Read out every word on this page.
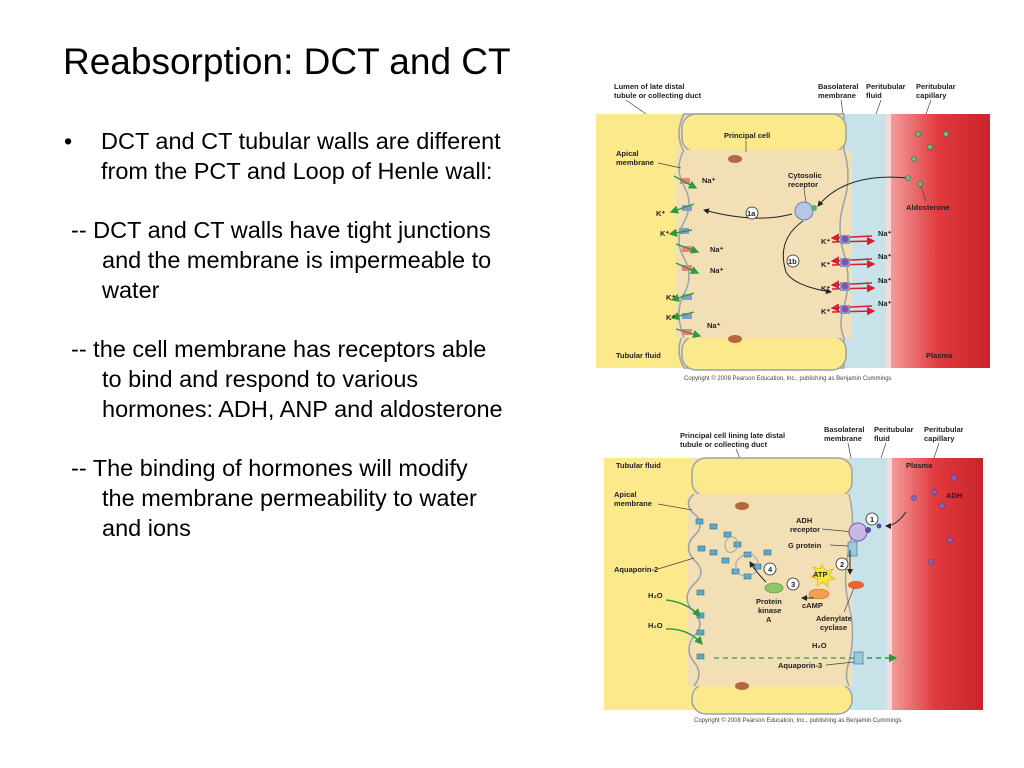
Reabsorption: DCT and CT

• DCT and CT tubular walls are different from the PCT and Loop of Henle wall:

-- DCT and CT walls have tight junctions and the membrane is impermeable to water

-- the cell membrane has receptors able to bind and respond to various hormones: ADH, ANP and aldosterone

-- The binding of hormones will modify the membrane permeability to water and ions

Lumen of late distal
tubule or collecting duct
Basolateral
membrane
Peritubular
fluid
Peritubular
capillary
Principal cell
Apical
membrane
Na⁺
K⁺
K⁺
Na⁺
Na⁺
K⁺
K⁺
Na⁺
Cytosolic
receptor
1a
1b
Na⁺
K⁺
Na⁺
K⁺
Na⁺
K⁺
Na⁺
K⁺
Aldosterone
Tubular fluid	Plasma
Copyright © 2008 Pearson Education, Inc., publishing as Benjamin Cummings
Principal cell lining late distal
tubule or collecting duct
Basolateral
membrane
Peritubular
fluid
Peritubular
capillary
Tubular fluid	Plasma
Apical
membrane
Aquaporin-2
H₂O
H₂O
ADH
receptor
G protein
1
ADH
2
ATP
3
4
Protein
kinase
A
cAMP
Adenylate
cyclase
H₂O
Aquaporin-3
Copyright © 2008 Pearson Education, Inc., publishing as Benjamin Cummings
